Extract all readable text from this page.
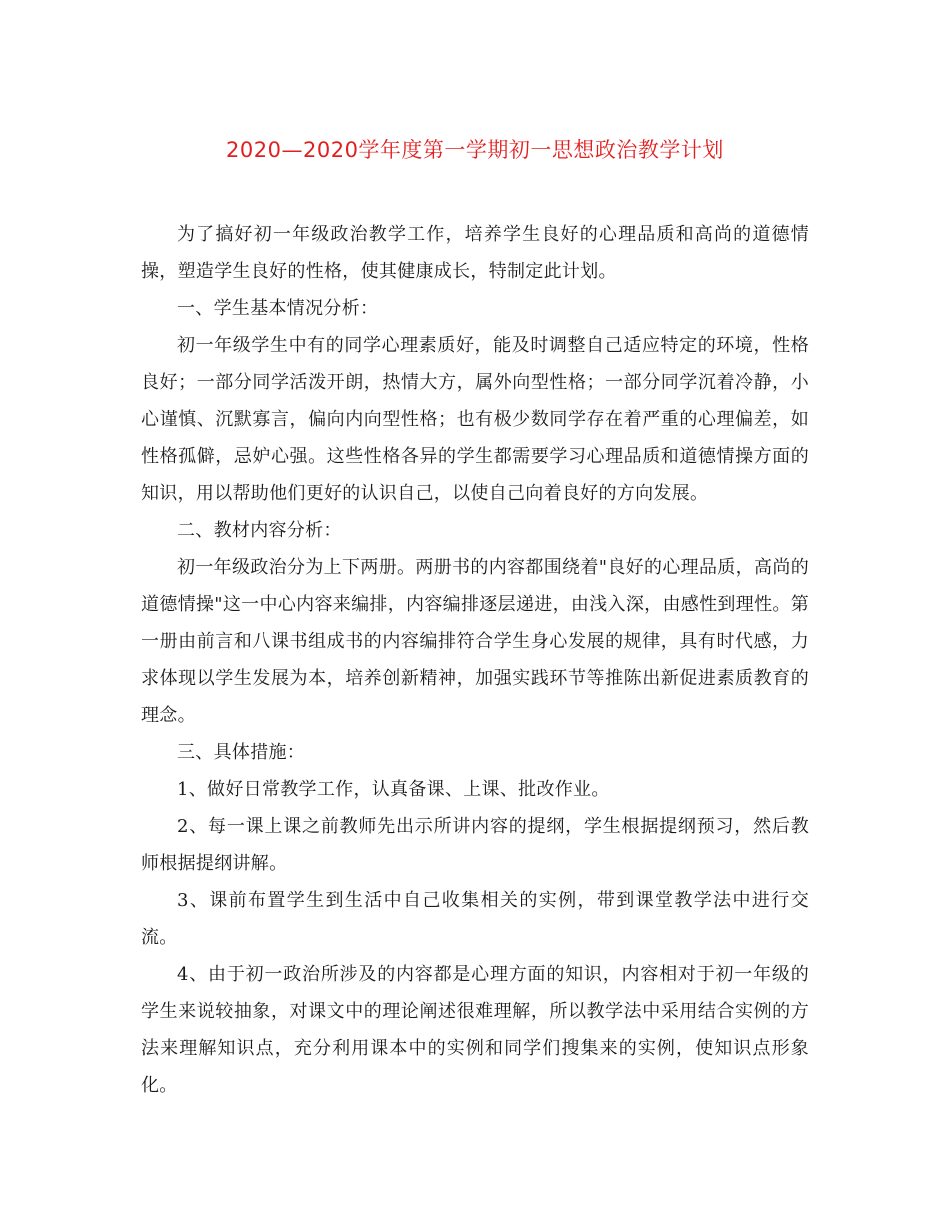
2020—2020学年度第一学期初一思想政治教学计划

为了搞好初一年级政治教学工作，培养学生良好的心理品质和高尚的道德情操，塑造学生良好的性格，使其健康成长，特制定此计划。

一、学生基本情况分析：

初一年级学生中有的同学心理素质好，能及时调整自己适应特定的环境，性格良好；一部分同学活泼开朗，热情大方，属外向型性格；一部分同学沉着冷静，小心谨慎、沉默寡言，偏向内向型性格；也有极少数同学存在着严重的心理偏差，如性格孤僻，忌妒心强。这些性格各异的学生都需要学习心理品质和道德情操方面的知识，用以帮助他们更好的认识自己，以使自己向着良好的方向发展。

二、教材内容分析：

初一年级政治分为上下两册。两册书的内容都围绕着"良好的心理品质，高尚的道德情操"这一中心内容来编排，内容编排逐层递进，由浅入深，由感性到理性。第一册由前言和八课书组成书的内容编排符合学生身心发展的规律，具有时代感，力求体现以学生发展为本，培养创新精神，加强实践环节等推陈出新促进素质教育的理念。

三、具体措施：

1、做好日常教学工作，认真备课、上课、批改作业。

2、每一课上课之前教师先出示所讲内容的提纲，学生根据提纲预习，然后教师根据提纲讲解。

3、课前布置学生到生活中自己收集相关的实例，带到课堂教学法中进行交流。

4、由于初一政治所涉及的内容都是心理方面的知识，内容相对于初一年级的学生来说较抽象，对课文中的理论阐述很难理解，所以教学法中采用结合实例的方法来理解知识点，充分利用课本中的实例和同学们搜集来的实例，使知识点形象化。
